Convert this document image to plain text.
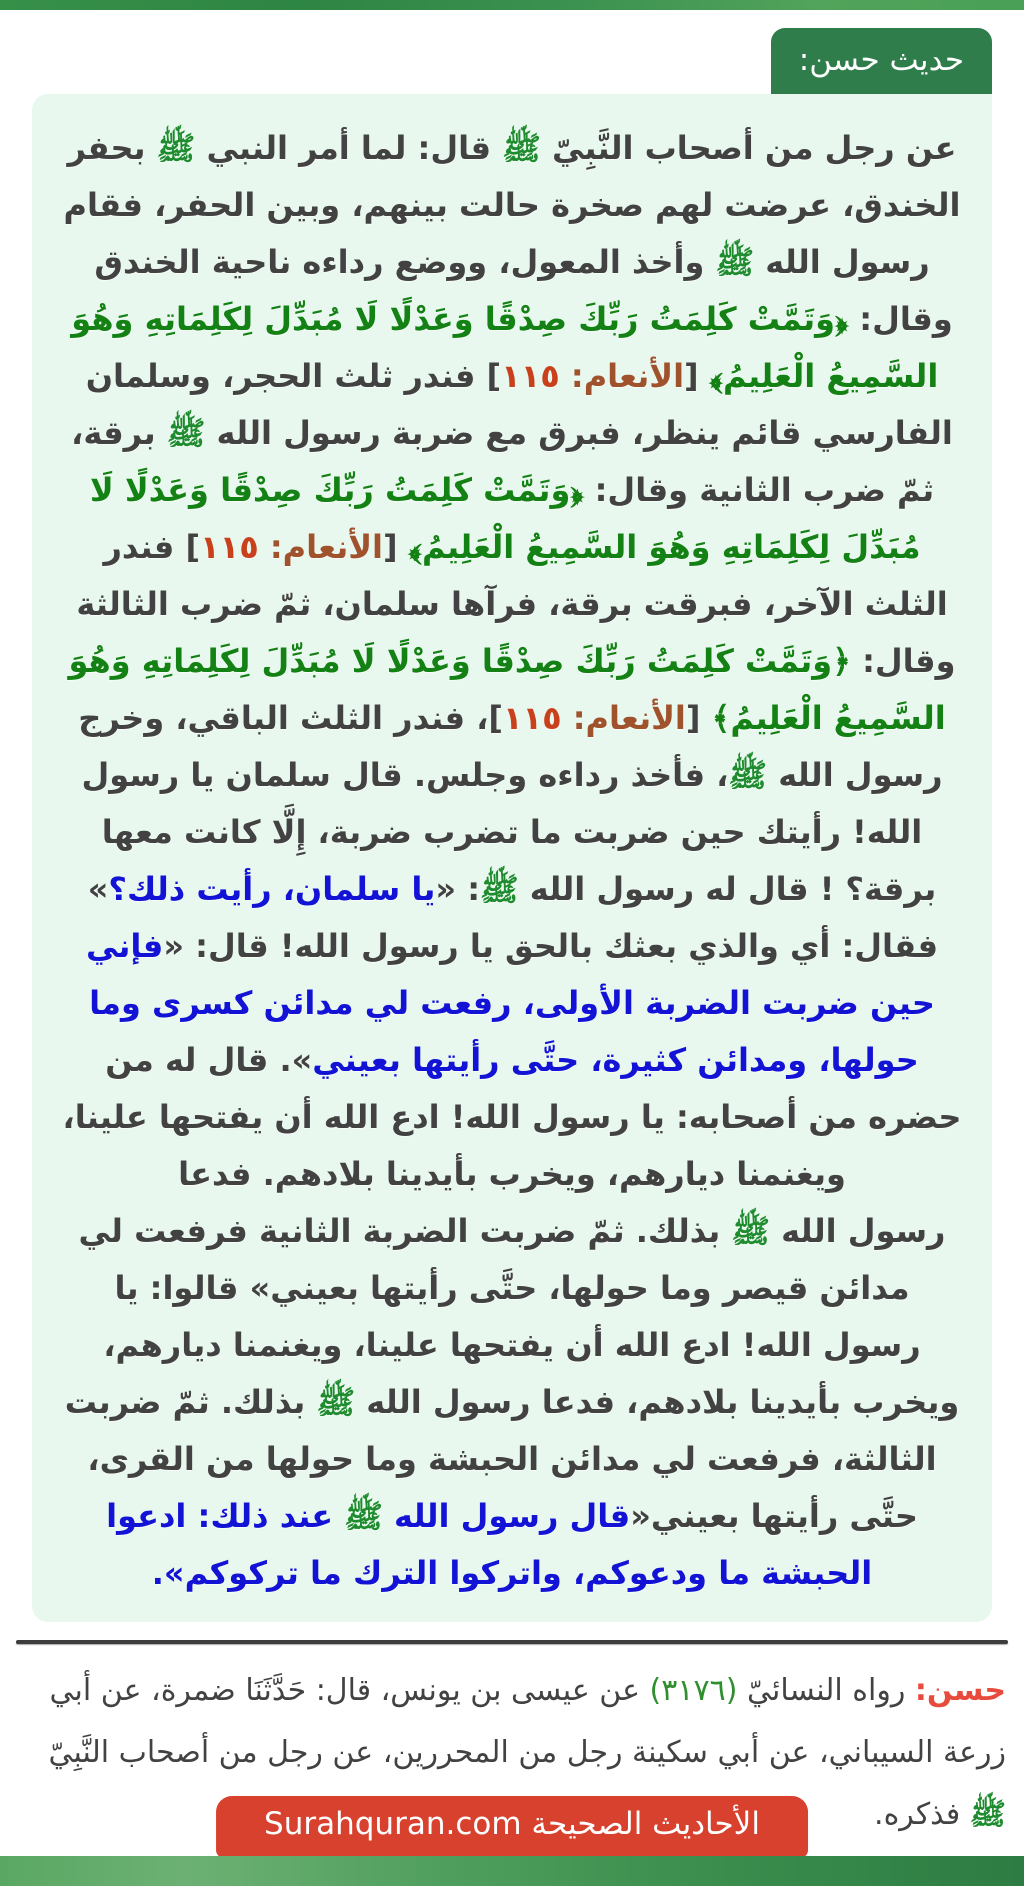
حديث حسن:
عن رجل من أصحاب النَّبِيّ ﷺ قال: لما أمر النبي ﷺ بحفر الخندق، عرضت لهم صخرة حالت بينهم، وبين الحفر، فقام رسول الله ﷺ وأخذ المعول، ووضع رداءه ناحية الخندق وقال: ﴿وَتَمَّتْ كَلِمَتُ رَبِّكَ صِدْقًا وَعَدْلًا لَا مُبَدِّلَ لِكَلِمَاتِهِ وَهُوَ السَّمِيعُ الْعَلِيمُ﴾ [الأنعام: ١١٥] فندر ثلث الحجر، وسلمان الفارسي قائم ينظر، فبرق مع ضربة رسول الله ﷺ برقة، ثمّ ضرب الثانية وقال: ﴿وَتَمَّتْ كَلِمَتُ رَبِّكَ صِدْقًا وَعَدْلًا لَا مُبَدِّلَ لِكَلِمَاتِهِ وَهُوَ السَّمِيعُ الْعَلِيمُ﴾ [الأنعام: ١١٥] فندر الثلث الآخر، فبرقت برقة، فرآها سلمان، ثمّ ضرب الثالثة وقال: ﴿وَتَمَّتْ كَلِمَتُ رَبِّكَ صِدْقًا وَعَدْلًا لَا مُبَدِّلَ لِكَلِمَاتِهِ وَهُوَ السَّمِيعُ الْعَلِيمُ﴾ [الأنعام: ١١٥]، فندر الثلث الباقي، وخرج رسول الله ﷺ، فأخذ رداءه وجلس. قال سلمان يا رسول الله! رأيتك حين ضربت ما تضرب ضربة، إِلَّا كانت معها برقة؟ ! قال له رسول الله ﷺ: «يا سلمان، رأيت ذلك؟» فقال: أي والذي بعثك بالحق يا رسول الله! قال: «فإني حين ضربت الضربة الأولى، رفعت لي مدائن كسرى وما حولها، ومدائن كثيرة، حتَّى رأيتها بعيني». قال له من حضره من أصحابه: يا رسول الله! ادع الله أن يفتحها علينا، ويغنمنا ديارهم، ويخرب بأيدينا بلادهم. فدعا
رسول الله ﷺ بذلك. ثمّ ضربت الضربة الثانية فرفعت لي مدائن قيصر وما حولها، حتَّى رأيتها بعيني» قالوا: يا رسول الله! ادع الله أن يفتحها علينا، ويغنمنا ديارهم، ويخرب بأيدينا بلادهم، فدعا رسول الله ﷺ بذلك. ثمّ ضربت الثالثة، فرفعت لي مدائن الحبشة وما حولها من القرى، حتَّى رأيتها بعيني«قال رسول الله ﷺ عند ذلك: ادعوا الحبشة ما ودعوكم، واتركوا الترك ما تركوكم».

حسن: رواه النسائيّ (٣١٧٦) عن عيسى بن يونس، قال: حَدَّثَنَا ضمرة، عن أبي زرعة السيباني، عن أبي سكينة رجل من المحررين، عن رجل من أصحاب النَّبِيّ ﷺ فذكره.

الأحاديث الصحيحة Surahquran.com
